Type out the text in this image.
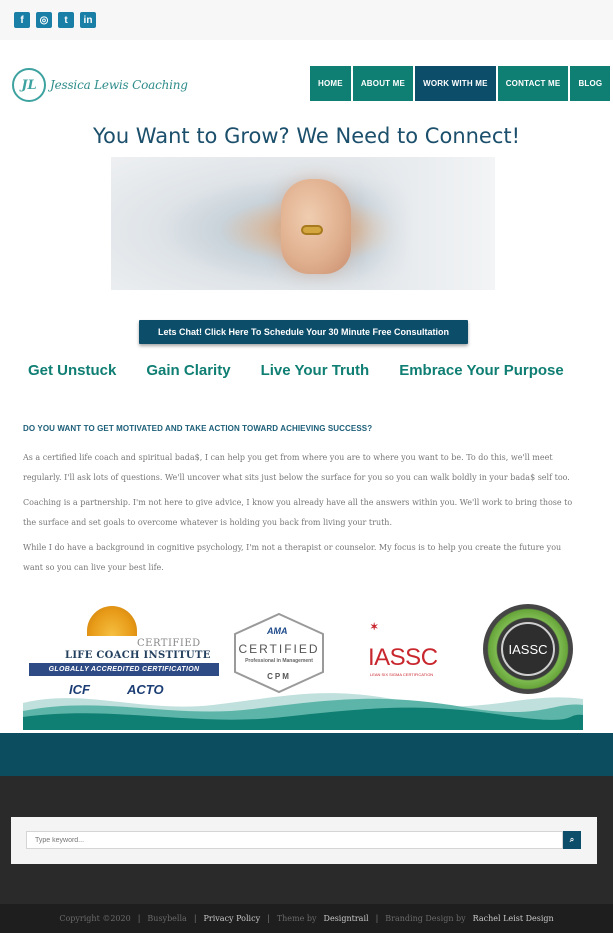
f	◎	t	in
JL	Jessica Lewis Coaching	HOME	ABOUT ME	WORK WITH ME	CONTACT ME	BLOG
You Want to Grow? We Need to Connect!
Lets Chat! Click Here To Schedule Your 30 Minute Free Consultation
Get Unstuck Gain Clarity Live Your Truth Embrace Your Purpose
DO YOU WANT TO GET MOTIVATED AND TAKE ACTION TOWARD ACHIEVING SUCCESS?

As a certified life coach and spiritual bada$, I can help you get from where you are to where you want to be. To do this, we'll meet regularly. I'll ask lots of questions. We'll uncover what sits just below the surface for you so you can walk boldly in your bada$ self too.

Coaching is a partnership. I'm not here to give advice, I know you already have all the answers within you. We'll work to bring those to the surface and set goals to overcome whatever is holding you back from living your truth.

While I do have a background in cognitive psychology, I'm not a therapist or counselor. My focus is to help you create the future you want so you can live your best life.

CERTIFIED
LIFE COACH INSTITUTE
GLOBALLY ACCREDITED CERTIFICATION
ICF	ACTO
AMA
CERTIFIED
Professional in Management
CPM
✶
IASSC
LEAN SIX SIGMA CERTIFICATION
IASSC
Type keyword...
⌕
Copyright ©2020 | Busybella | Privacy Policy | Theme by Designtrail | Branding Design by Rachel Leist Design
